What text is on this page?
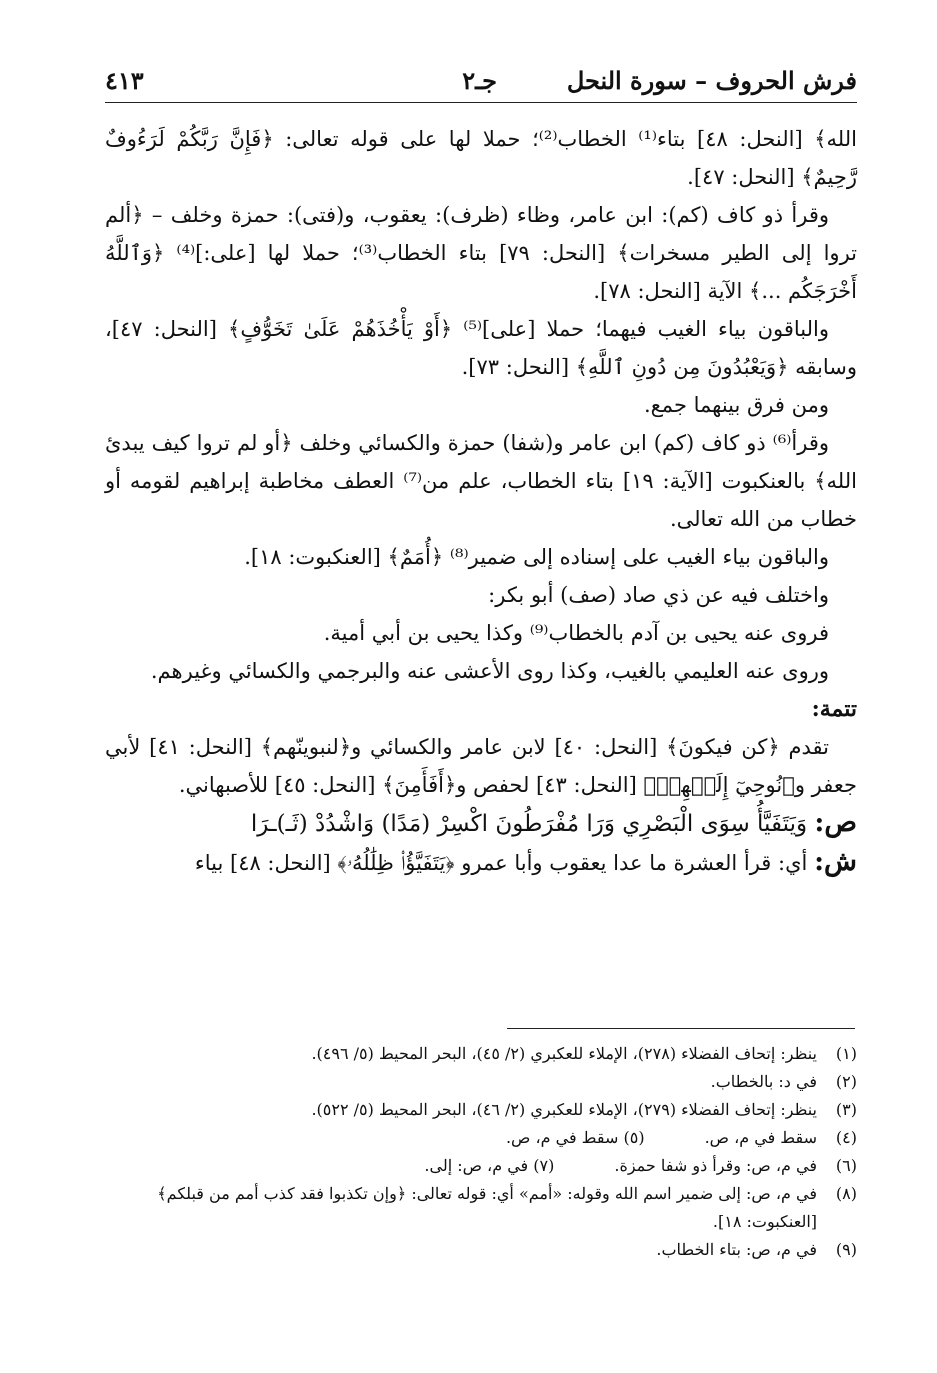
فرش الحروف – سورة النحل
جـ٢
٤١٣

الله﴾ [النحل: ٤٨] بتاء⁽¹⁾ الخطاب⁽²⁾؛ حملا لها على قوله تعالى: ﴿فَإِنَّ رَبَّكُمْ لَرَءُوفٌ رَّحِيمٌ﴾ [النحل: ٤٧].

وقرأ ذو كاف (كم): ابن عامر، وظاء (ظرف): يعقوب، و(فتى): حمزة وخلف – ﴿ألم تروا إلى الطير مسخرات﴾ [النحل: ٧٩] بتاء الخطاب⁽³⁾؛ حملا لها [على:]⁽⁴⁾ ﴿وَٱللَّهُ أَخْرَجَكُم ...﴾ الآية [النحل: ٧٨].

والباقون بياء الغيب فيهما؛ حملا [على]⁽⁵⁾ ﴿أَوْ يَأْخُذَهُمْ عَلَىٰ تَخَوُّفٍ﴾ [النحل: ٤٧]، وسابقه ﴿وَيَعْبُدُونَ مِن دُونِ ٱللَّهِ﴾ [النحل: ٧٣].

ومن فرق بينهما جمع.

وقرأ⁽⁶⁾ ذو كاف (كم) ابن عامر و(شفا) حمزة والكسائي وخلف ﴿أو لم تروا كيف يبدئ الله﴾ بالعنكبوت [الآية: ١٩] بتاء الخطاب، علم من⁽⁷⁾ العطف مخاطبة إبراهيم لقومه أو خطاب من الله تعالى.

والباقون بياء الغيب على إسناده إلى ضمير⁽⁸⁾ ﴿أُمَمٌ﴾ [العنكبوت: ١٨].

واختلف فيه عن ذي صاد (صف) أبو بكر:

فروى عنه يحيى بن آدم بالخطاب⁽⁹⁾ وكذا يحيى بن أبي أمية.

وروى عنه العليمي بالغيب، وكذا روى الأعشى عنه والبرجمي والكسائي وغيرهم.

تتمة:

تقدم ﴿كن فيكونَ﴾ [النحل: ٤٠] لابن عامر والكسائي و﴿لنبوينّهم﴾ [النحل: ٤١] لأبي جعفر و﴿نُوحِيٓ إِلَيۡهِمۡ﴾ [النحل: ٤٣] لحفص و﴿أَفَأَمِنَ﴾ [النحل: ٤٥] للأصبهاني.

ص: وَيَتَفَيَّأُ سِوَى الْبَصْرِي وَرَا مُفْرَطُونَ اكْسِرْ (مَدًا) وَاشْدُدْ (ثَـ)ـرَا

ش: أي: قرأ العشرة ما عدا يعقوب وأبا عمرو ﴿يَتَفَيَّؤُا۟ ظِلَٰلُهُۥ﴾ [النحل: ٤٨] بياء

(١)ينظر: إتحاف الفضلاء (٢٧٨)، الإملاء للعكبري (٢/ ٤٥)، البحر المحيط (٥/ ٤٩٦).
(٢)في د: بالخطاب.
(٣)ينظر: إتحاف الفضلاء (٢٧٩)، الإملاء للعكبري (٢/ ٤٦)، البحر المحيط (٥/ ٥٢٢).
(٤)سقط في م، ص.(٥) سقط في م، ص.
(٦)في م، ص: وقرأ ذو شفا حمزة.(٧) في م، ص: إلى.
(٨)في م، ص: إلى ضمير اسم الله وقوله: «أمم» أي: قوله تعالى: ﴿وإن تكذبوا فقد كذب أمم من قبلكم﴾ [العنكبوت: ١٨].
(٩)في م، ص: بتاء الخطاب.
